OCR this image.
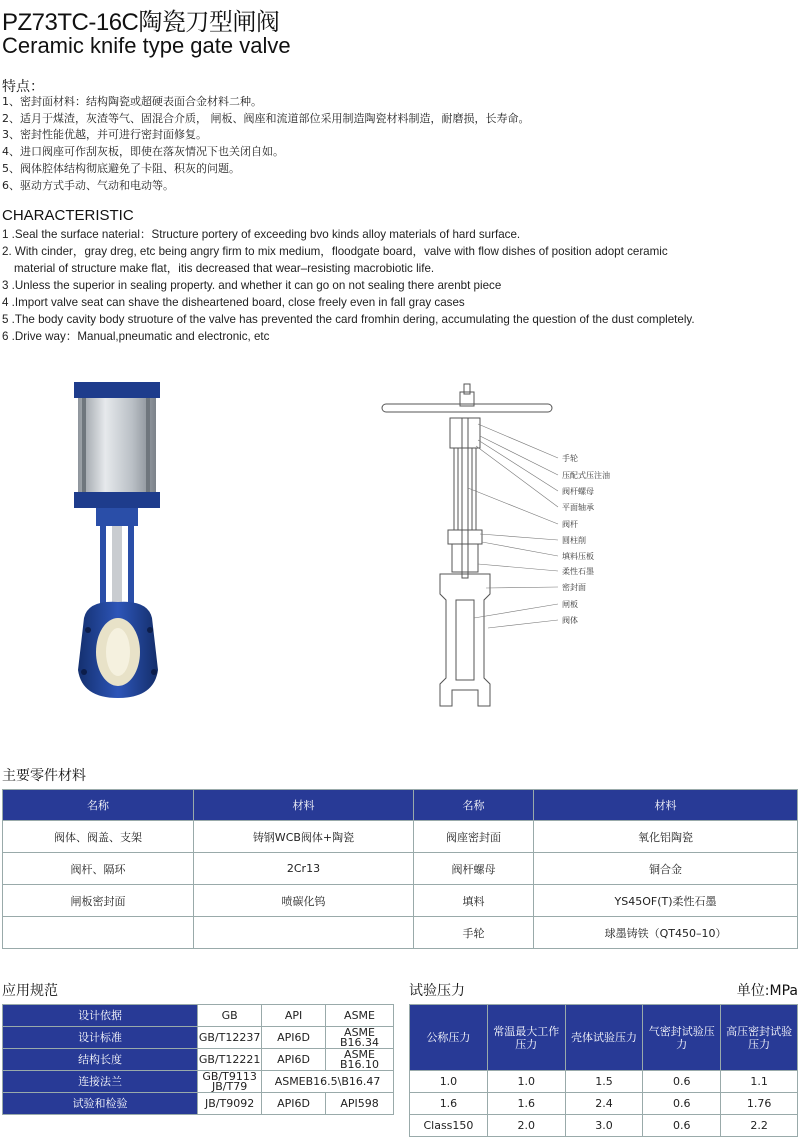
PZ73TC-16C陶瓷刀型闸阀
Ceramic knife type gate valve
特点：
1、密封面材料：结构陶瓷或超硬表面合金材料二种。
2、适月于煤渣，灰渣等气、固混合介质， 闸板、阀座和流道部位采用制造陶瓷材料制造，耐磨损，长寿命。
3、密封性能优越，并可进行密封面修复。
4、进口阀座可作刮灰板，即使在落灰情况下也关闭自如。
5、阀体腔体结构彻底避免了卡阻、积灰的问题。
6、驱动方式手动、气动和电动等。
CHARACTERISTIC
1 .Seal the surface naterial：Structure portery of exceeding bvo kinds alloy materials of hard surface.
2. With cinder，gray dreg, etc being angry firm to mix medium，floodgate board，valve with flow dishes of position adopt ceramic
material of structure make flat，itis decreased that wear–resisting macrobiotic life.
3 .Unless the superior in sealing property. and whether it can go on not sealing there arenbt piece
4 .Import valve seat can shave the disheartened board, close freely even in fall gray cases
5 .The body cavity body struoture of the valve has prevented the card fromhin dering, accumulating the question of the dust completely.
6 .Drive way：Manual,pneumatic and electronic, etc
手轮
压配式压注油
阀杆螺母
平面轴承
阀杆
圆柱削
填料压板
柔性石墨
密封面
闸板
阀体
主要零件材料
名称	材料	名称	材料
阀体、阀盖、支架	铸钢WCB阀体+陶瓷	阀座密封面	氧化铝陶瓷
阀杆、隔环	2Cr13	阀杆螺母	铜合金
闸板密封面	喷碳化钨	填料	YS45OF(T)柔性石墨
		手轮	球墨铸铁（QT450–10）
应用规范	试验压力	单位:MPa
设计依据	GB	API	ASME
设计标准	GB/T12237	API6D	ASME B16.34
结构长度	GB/T12221	API6D	ASME B16.10
连接法兰	GB/T9113 JB/T79	ASMEB16.5\B16.47	
试验和检验	JB/T9092	API6D	API598
公称压力	常温最大工作压力	壳体试验压力	气密封试验压力	高压密封试验压力
1.0	1.0	1.5	0.6	1.1
1.6	1.6	2.4	0.6	1.76
Class150	2.0	3.0	0.6	2.2
